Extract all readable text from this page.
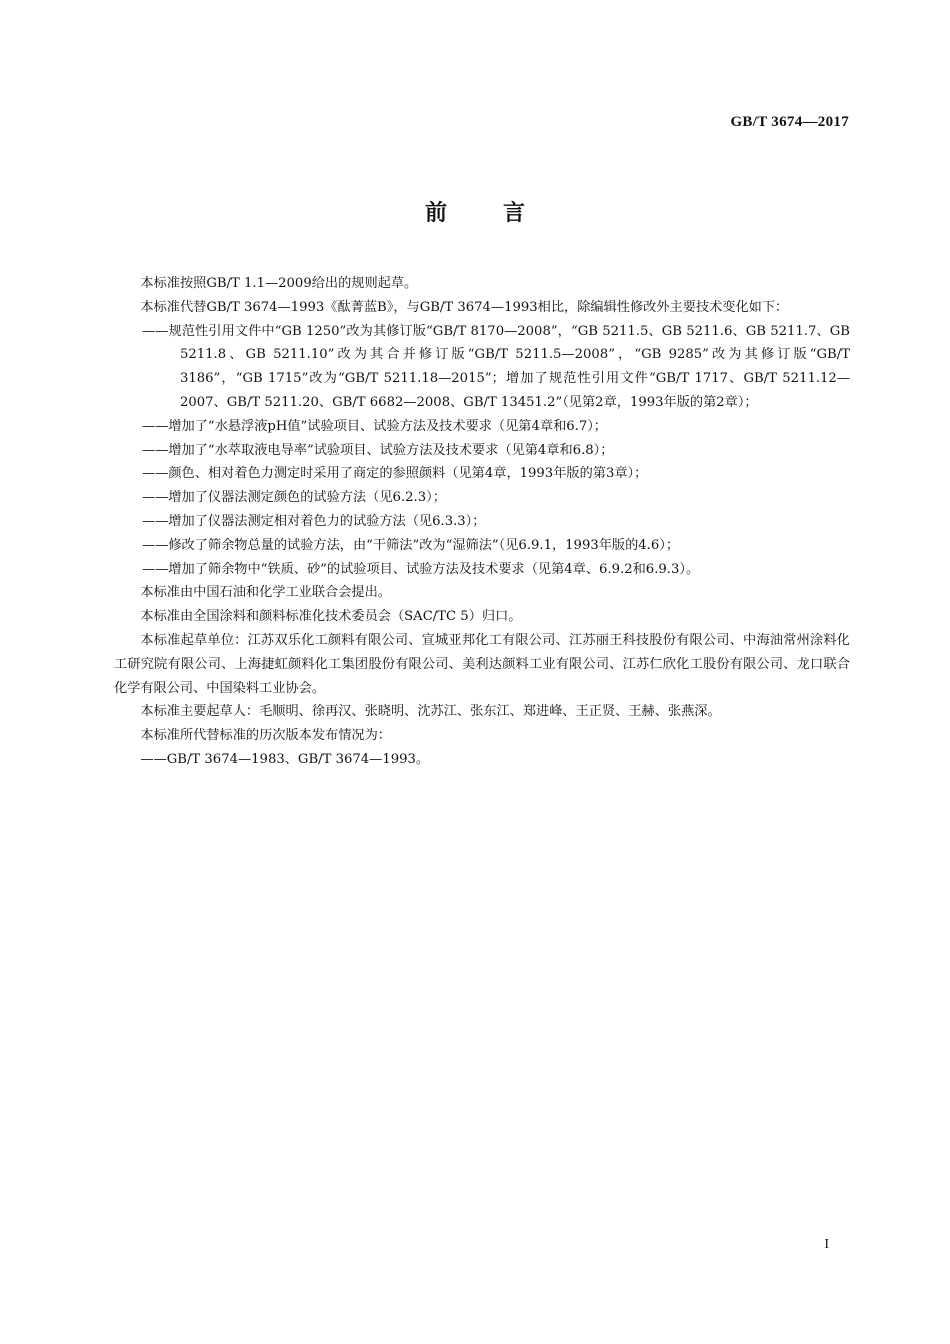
GB/T 3674—2017
前言

本标准按照GB/T 1.1—2009给出的规则起草。

本标准代替GB/T 3674—1993《酞菁蓝B》，与GB/T 3674—1993相比，除编辑性修改外主要技术变化如下：

——规范性引用文件中“GB 1250”改为其修订版“GB/T 8170—2008”，“GB 5211.5、GB 5211.6、GB 5211.7、GB 5211.8、GB 5211.10”改为其合并修订版“GB/T 5211.5—2008”，“GB 9285”改为其修订版“GB/T 3186”，“GB 1715”改为“GB/T 5211.18—2015”；增加了规范性引用文件“GB/T 1717、GB/T 5211.12—2007、GB/T 5211.20、GB/T 6682—2008、GB/T 13451.2”（见第2章，1993年版的第2章）；

——增加了“水悬浮液pH值”试验项目、试验方法及技术要求（见第4章和6.7）；

——增加了“水萃取液电导率”试验项目、试验方法及技术要求（见第4章和6.8）；

——颜色、相对着色力测定时采用了商定的参照颜料（见第4章，1993年版的第3章）；

——增加了仪器法测定颜色的试验方法（见6.2.3）；

——增加了仪器法测定相对着色力的试验方法（见6.3.3）；

——修改了筛余物总量的试验方法，由“干筛法”改为“湿筛法”（见6.9.1，1993年版的4.6）；

——增加了筛余物中“铁质、砂”的试验项目、试验方法及技术要求（见第4章、6.9.2和6.9.3）。

本标准由中国石油和化学工业联合会提出。

本标准由全国涂料和颜料标准化技术委员会（SAC/TC 5）归口。

本标准起草单位：江苏双乐化工颜料有限公司、宣城亚邦化工有限公司、江苏丽王科技股份有限公司、中海油常州涂料化工研究院有限公司、上海捷虹颜料化工集团股份有限公司、美利达颜料工业有限公司、江苏仁欣化工股份有限公司、龙口联合化学有限公司、中国染料工业协会。

本标准主要起草人：毛顺明、徐再汉、张晓明、沈苏江、张东江、郑进峰、王正贤、王赫、张燕深。

本标准所代替标准的历次版本发布情况为：

——GB/T 3674—1983、GB/T 3674—1993。

I
